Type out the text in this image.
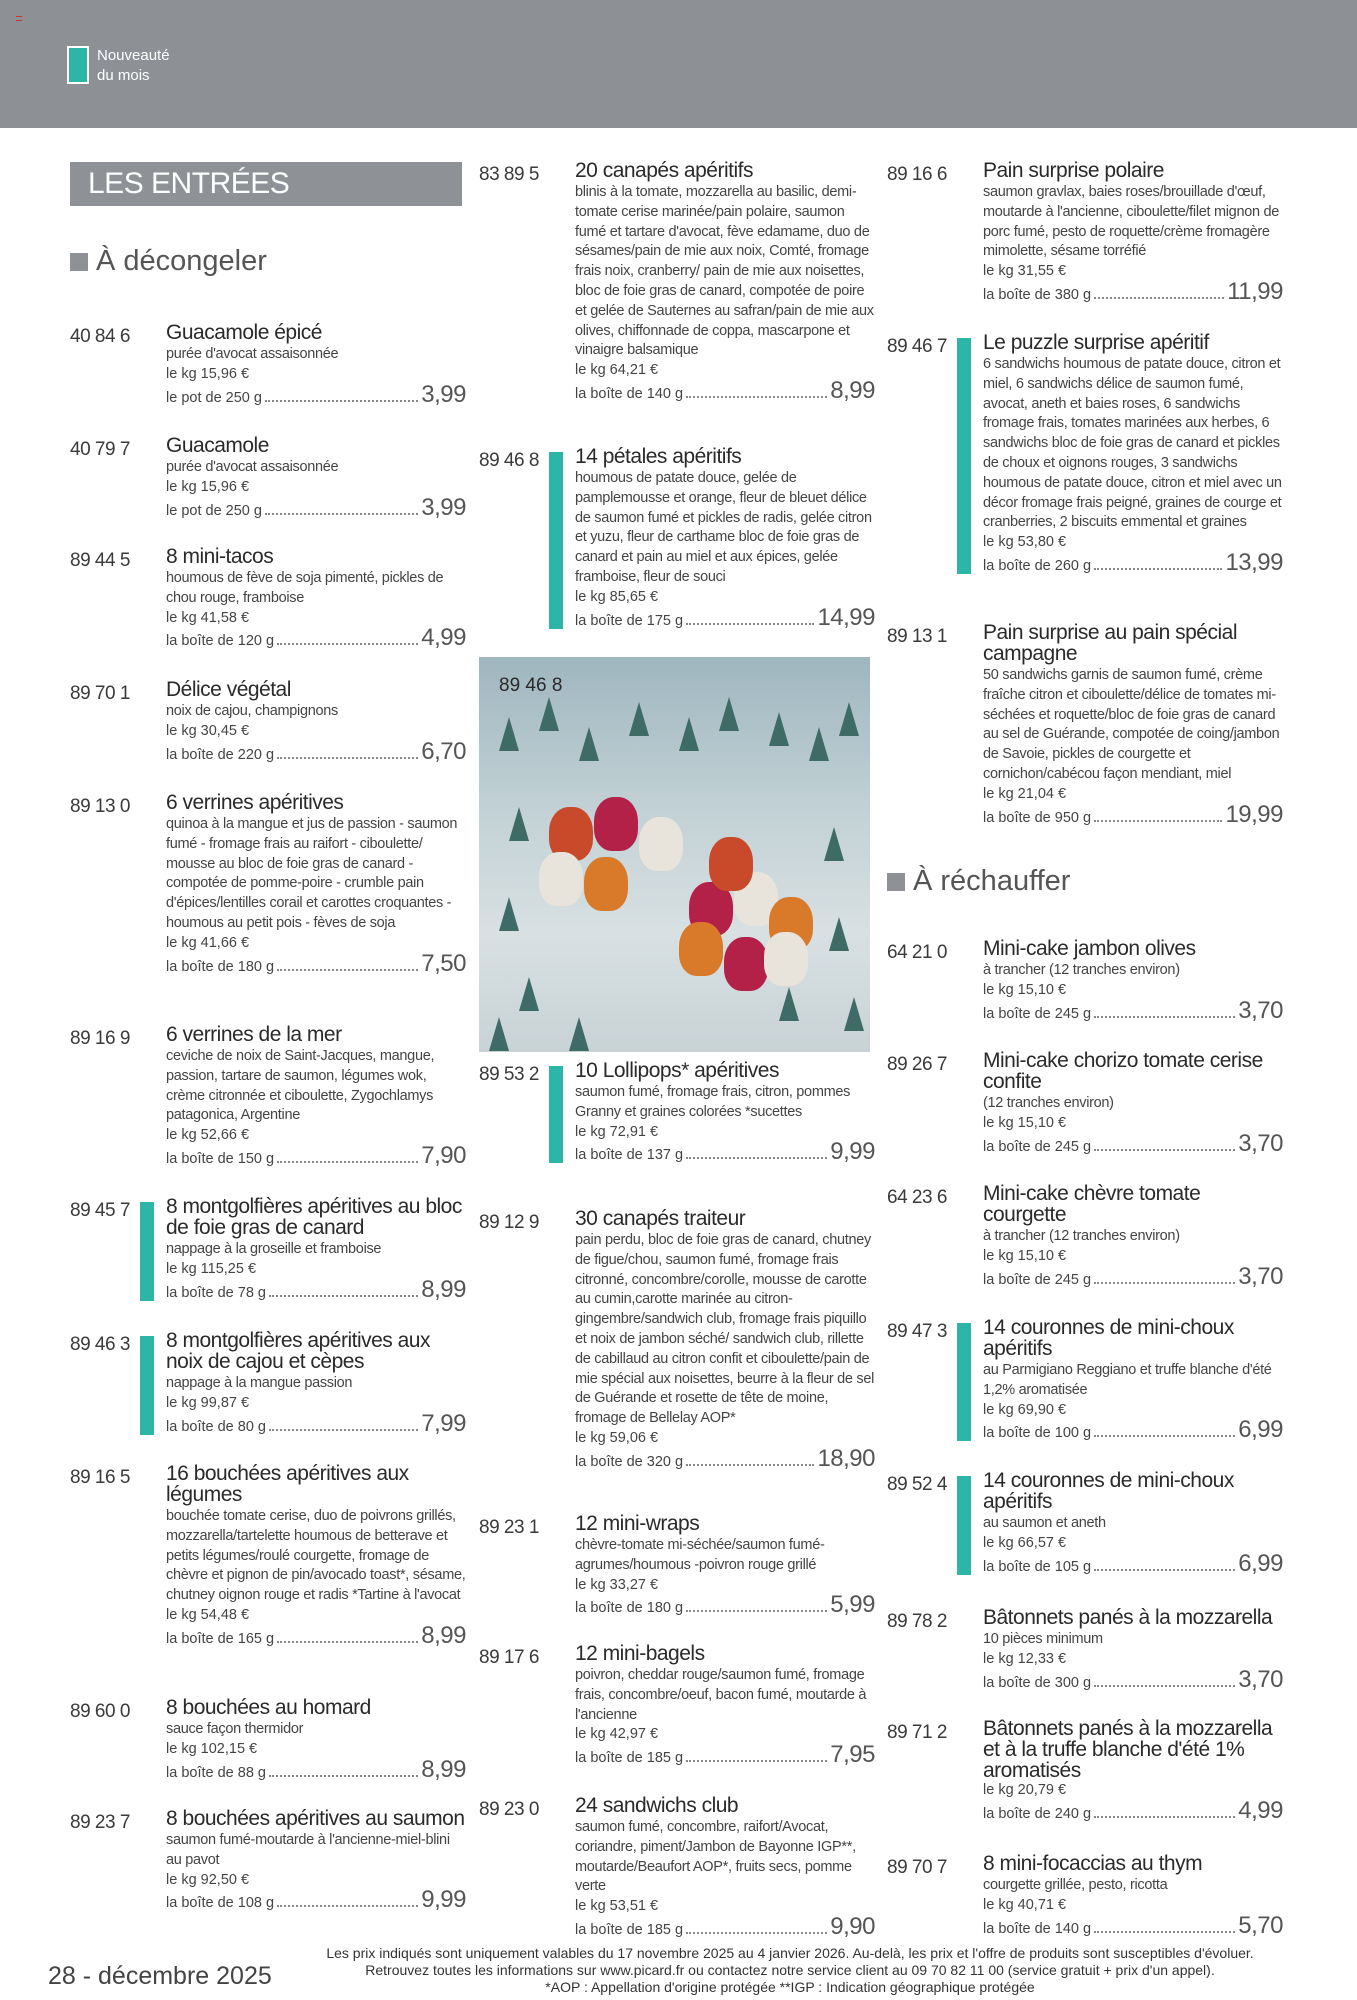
Nouveauté du mois
LES ENTRÉES APÉRITIVES
À décongeler
À réchauffer
40 84 6 Guacamole épicé
purée d'avocat assaisonnée
le kg 15,96 €
le pot de 250 g	3,99
40 79 7 Guacamole
purée d'avocat assaisonnée
le kg 15,96 €
le pot de 250 g	3,99
89 44 5 8 mini-tacos
houmous de fève de soja pimenté, pickles de chou rouge, framboise
le kg 41,58 €
la boîte de 120 g	4,99
89 70 1 Délice végétal
noix de cajou, champignons
le kg 30,45 €
la boîte de 220 g	6,70
89 13 0 6 verrines apéritives
quinoa à la mangue et jus de passion - saumon fumé - fromage frais au raifort - ciboulette/ mousse au bloc de foie gras de canard - compotée de pomme-poire - crumble pain d'épices/lentilles corail et carottes croquantes - houmous au petit pois - fèves de soja
le kg 41,66 €
la boîte de 180 g	7,50
89 16 9 6 verrines de la mer
ceviche de noix de Saint-Jacques, mangue, passion, tartare de saumon, légumes wok, crème citronnée et ciboulette, Zygochlamys patagonica, Argentine
le kg 52,66 €
la boîte de 150 g	7,90
89 45 7 8 montgolfières apéritives au bloc de foie gras de canard
nappage à la groseille et framboise
le kg 115,25 €
la boîte de 78 g	8,99
89 46 3 8 montgolfières apéritives aux noix de cajou et cèpes
nappage à la mangue passion
le kg 99,87 €
la boîte de 80 g	7,99
89 16 5 16 bouchées apéritives aux légumes
bouchée tomate cerise, duo de poivrons grillés, mozzarella/tartelette houmous de betterave et petits légumes/roulé courgette, fromage de chèvre et pignon de pin/avocado toast*, sésame, chutney oignon rouge et radis *Tartine à l'avocat
le kg 54,48 €
la boîte de 165 g	8,99
89 60 0 8 bouchées au homard
sauce façon thermidor
le kg 102,15 €
la boîte de 88 g	8,99
89 23 7 8 bouchées apéritives au saumon
saumon fumé-moutarde à l'ancienne-miel-blini au pavot
le kg 92,50 €
la boîte de 108 g	9,99
83 89 5 20 canapés apéritifs
blinis à la tomate, mozzarella au basilic, demi-tomate cerise marinée/pain polaire, saumon fumé et tartare d'avocat, fève edamame, duo de sésames/pain de mie aux noix, Comté, fromage frais noix, cranberry/ pain de mie aux noisettes, bloc de foie gras de canard, compotée de poire et gelée de Sauternes au safran/pain de mie aux olives, chiffonnade de coppa, mascarpone et vinaigre balsamique
le kg 64,21 €
la boîte de 140 g	8,99
89 46 8 14 pétales apéritifs
houmous de patate douce, gelée de pamplemousse et orange, fleur de bleuet délice de saumon fumé et pickles de radis, gelée citron et yuzu, fleur de carthame bloc de foie gras de canard et pain au miel et aux épices, gelée framboise, fleur de souci
le kg 85,65 €
la boîte de 175 g	14,99
89 53 2 10 Lollipops* apéritives
saumon fumé, fromage frais, citron, pommes Granny et graines colorées *sucettes
le kg 72,91 €
la boîte de 137 g	9,99
89 12 9 30 canapés traiteur
pain perdu, bloc de foie gras de canard, chutney de figue/chou, saumon fumé, fromage frais citronné, concombre/corolle, mousse de carotte au cumin,carotte marinée au citron-gingembre/sandwich club, fromage frais piquillo et noix de jambon séché/ sandwich club, rillette de cabillaud au citron confit et ciboulette/pain de mie spécial aux noisettes, beurre à la fleur de sel de Guérande et rosette de tête de moine, fromage de Bellelay AOP*
le kg 59,06 €
la boîte de 320 g	18,90
89 23 1 12 mini-wraps
chèvre-tomate mi-séchée/saumon fumé-agrumes/houmous -poivron rouge grillé
le kg 33,27 €
la boîte de 180 g	5,99
89 17 6 12 mini-bagels
poivron, cheddar rouge/saumon fumé, fromage frais, concombre/oeuf, bacon fumé, moutarde à l'ancienne
le kg 42,97 €
la boîte de 185 g	7,95
89 23 0 24 sandwichs club
saumon fumé, concombre, raifort/Avocat, coriandre, piment/Jambon de Bayonne IGP**, moutarde/Beaufort AOP*, fruits secs, pomme verte
le kg 53,51 €
la boîte de 185 g	9,90
89 16 6 Pain surprise polaire
saumon gravlax, baies roses/brouillade d'œuf, moutarde à l'ancienne, ciboulette/filet mignon de porc fumé, pesto de roquette/crème fromagère mimolette, sésame torréfié
le kg 31,55 €
la boîte de 380 g	11,99
89 46 7 Le puzzle surprise apéritif
6 sandwichs houmous de patate douce, citron et miel, 6 sandwichs délice de saumon fumé, avocat, aneth et baies roses, 6 sandwichs fromage frais, tomates marinées aux herbes, 6 sandwichs bloc de foie gras de canard et pickles de choux et oignons rouges, 3 sandwichs houmous de patate douce, citron et miel avec un décor fromage frais peigné, graines de courge et cranberries, 2 biscuits emmental et graines
le kg 53,80 €
la boîte de 260 g	13,99
89 13 1 Pain surprise au pain spécial campagne
50 sandwichs garnis de saumon fumé, crème fraîche citron et ciboulette/délice de tomates mi-séchées et roquette/bloc de foie gras de canard au sel de Guérande, compotée de coing/jambon de Savoie, pickles de courgette et cornichon/cabécou façon mendiant, miel
le kg 21,04 €
la boîte de 950 g	19,99
64 21 0 Mini-cake jambon olives
à trancher (12 tranches environ)
le kg 15,10 €
la boîte de 245 g	3,70
89 26 7 Mini-cake chorizo tomate cerise confite
(12 tranches environ)
le kg 15,10 €
la boîte de 245 g	3,70
64 23 6 Mini-cake chèvre tomate courgette
à trancher (12 tranches environ)
le kg 15,10 €
la boîte de 245 g	3,70
89 47 3 14 couronnes de mini-choux apéritifs
au Parmigiano Reggiano et truffe blanche d'été 1,2% aromatisée
le kg 69,90 €
la boîte de 100 g	6,99
89 52 4 14 couronnes de mini-choux apéritifs
au saumon et aneth
le kg 66,57 €
la boîte de 105 g	6,99
89 78 2 Bâtonnets panés à la mozzarella
10 pièces minimum
le kg 12,33 €
la boîte de 300 g	3,70
89 71 2 Bâtonnets panés à la mozzarella et à la truffe blanche d'été 1% aromatisés
le kg 20,79 €
la boîte de 240 g	4,99
89 70 7 8 mini-focaccias au thym
courgette grillée, pesto, ricotta
le kg 40,71 €
la boîte de 140 g	5,70
89 46 8
28 - décembre 2025
Les prix indiqués sont uniquement valables du 17 novembre 2025 au 4 janvier 2026. Au-delà, les prix et l'offre de produits sont susceptibles d'évoluer.
Retrouvez toutes les informations sur www.picard.fr ou contactez notre service client au 09 70 82 11 00 (service gratuit + prix d'un appel).
*AOP : Appellation d'origine protégée **IGP : Indication géographique protégée
